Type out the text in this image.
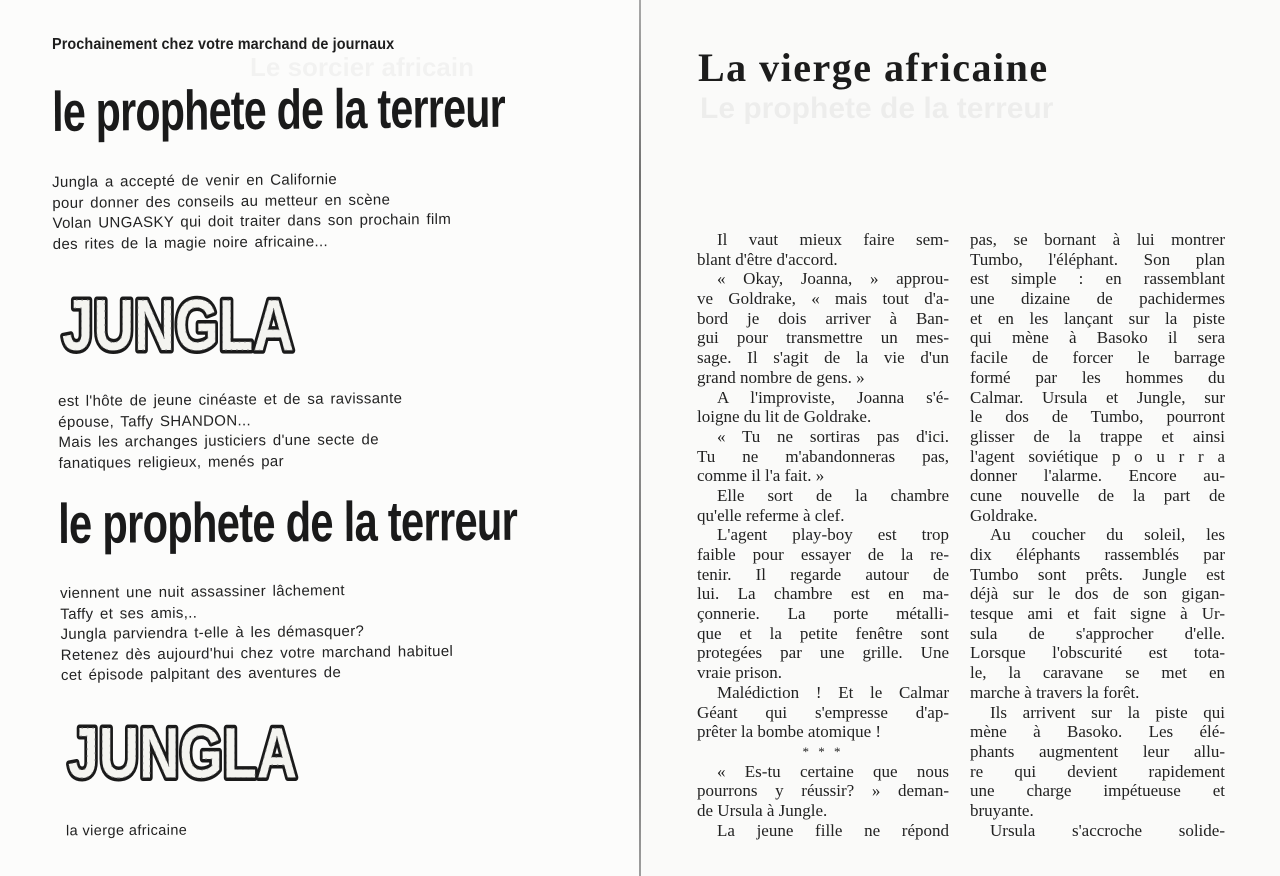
Prochainement chez votre marchand de journaux
le prophete de la terreur
Jungla a accepté de venir en Californie
pour donner des conseils au metteur en scène
Volan UNGASKY qui doit traiter dans son prochain film
des rites de la magie noire africaine...
JUNGLA
JUNGLA
est l'hôte de jeune cinéaste et de sa ravissante
épouse, Taffy SHANDON...
Mais les archanges justiciers d'une secte de
fanatiques religieux, menés par
le prophete de la terreur
viennent une nuit assassiner lâchement
Taffy et ses amis,..
Jungla parviendra t-elle à les démasquer?
Retenez dès aujourd'hui chez votre marchand habituel
cet épisode palpitant des aventures de
JUNGLA
JUNGLA
la vierge africaine
Le prophete de la terreur
La vierge africaine
Il vaut mieux faire sem-
blant d'être d'accord.
« Okay, Joanna, » approu-
ve Goldrake, « mais tout d'a-
bord je dois arriver à Ban-
gui pour transmettre un mes-
sage. Il s'agit de la vie d'un
grand nombre de gens. »
A l'improviste, Joanna s'é-
loigne du lit de Goldrake.
« Tu ne sortiras pas d'ici.
Tu ne m'abandonneras pas,
comme il l'a fait. »
Elle sort de la chambre
qu'elle referme à clef.
L'agent play-boy est trop
faible pour essayer de la re-
tenir. Il regarde autour de
lui. La chambre est en ma-
çonnerie. La porte métalli-
que et la petite fenêtre sont
protegées par une grille. Une
vraie prison.
Malédiction ! Et le Calmar
Géant qui s'empresse d'ap-
prêter la bombe atomique !
* * *
« Es-tu certaine que nous
pourrons y réussir? » deman-
de Ursula à Jungle.
La jeune fille ne répond
pas, se bornant à lui montrer
Tumbo, l'éléphant. Son plan
est simple : en rassemblant
une dizaine de pachidermes
et en les lançant sur la piste
qui mène à Basoko il sera
facile de forcer le barrage
formé par les hommes du
Calmar. Ursula et Jungle, sur
le dos de Tumbo, pourront
glisser de la trappe et ainsi
l'agent soviétique p o u r r a
donner l'alarme. Encore au-
cune nouvelle de la part de
Goldrake.
Au coucher du soleil, les
dix éléphants rassemblés par
Tumbo sont prêts. Jungle est
déjà sur le dos de son gigan-
tesque ami et fait signe à Ur-
sula de s'approcher d'elle.
Lorsque l'obscurité est tota-
le, la caravane se met en
marche à travers la forêt.
Ils arrivent sur la piste qui
mène à Basoko. Les élé-
phants augmentent leur allu-
re qui devient rapidement
une charge impétueuse et
bruyante.
Ursula s'accroche solide-
